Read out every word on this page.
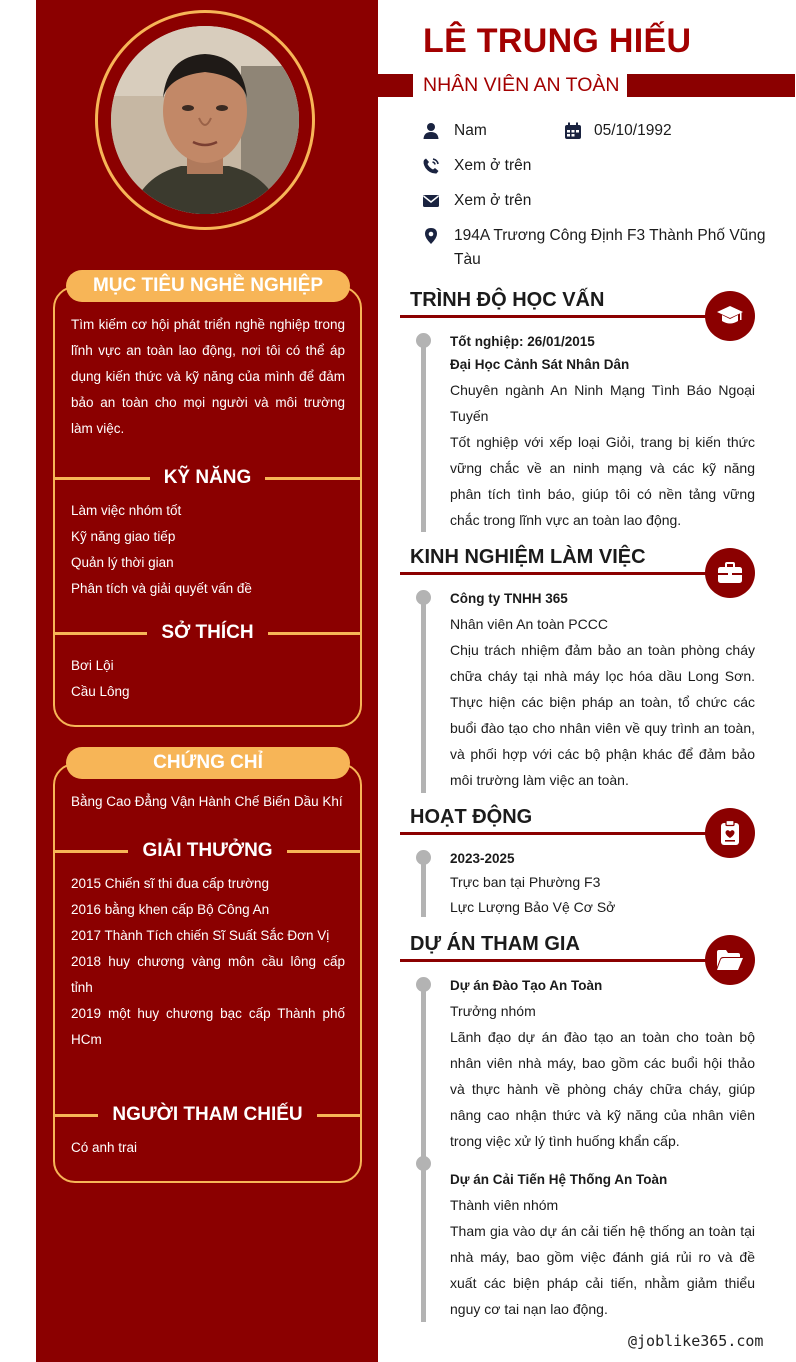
MỤC TIÊU NGHỀ NGHIỆP
Tìm kiếm cơ hội phát triển nghề nghiệp trong lĩnh vực an toàn lao động, nơi tôi có thể áp dụng kiến thức và kỹ năng của mình để đảm bảo an toàn cho mọi người và môi trường làm việc.
KỸ NĂNG
Làm việc nhóm tốt
Kỹ năng giao tiếp
Quản lý thời gian
Phân tích và giải quyết vấn đề
SỞ THÍCH
Bơi Lội
Cầu Lông
CHỨNG CHỈ
Bằng Cao Đẳng Vận Hành Chế Biến Dầu Khí
GIẢI THƯỞNG
2015 Chiến sĩ thi đua cấp trường
2016 bằng khen cấp Bộ Công An
2017 Thành Tích chiến Sĩ Suất Sắc Đơn Vị
2018 huy chương vàng môn cầu lông cấp tỉnh
2019 một huy chương bạc cấp Thành phố HCm
NGƯỜI THAM CHIẾU
Có anh trai
LÊ TRUNG HIẾU
NHÂN VIÊN AN TOÀN
Nam	05/10/1992
Xem ở trên
Xem ở trên
194A Trương Công Định F3 Thành Phố Vũng Tàu
TRÌNH ĐỘ HỌC VẤN
Tốt nghiệp: 26/01/2015
Đại Học Cảnh Sát Nhân Dân
Chuyên ngành An Ninh Mạng Tình Báo Ngoại Tuyến
Tốt nghiệp với xếp loại Giỏi, trang bị kiến thức vững chắc về an ninh mạng và các kỹ năng phân tích tình báo, giúp tôi có nền tảng vững chắc trong lĩnh vực an toàn lao động.
KINH NGHIỆM LÀM VIỆC
Công ty TNHH 365
Nhân viên An toàn PCCC
Chịu trách nhiệm đảm bảo an toàn phòng cháy chữa cháy tại nhà máy lọc hóa dầu Long Sơn. Thực hiện các biện pháp an toàn, tổ chức các buổi đào tạo cho nhân viên về quy trình an toàn, và phối hợp với các bộ phận khác để đảm bảo môi trường làm việc an toàn.
HOẠT ĐỘNG
2023-2025
Trực ban tại Phường F3
Lực Lượng Bảo Vệ Cơ Sở
DỰ ÁN THAM GIA
Dự án Đào Tạo An Toàn
Trưởng nhóm
Lãnh đạo dự án đào tạo an toàn cho toàn bộ nhân viên nhà máy, bao gồm các buổi hội thảo và thực hành về phòng cháy chữa cháy, giúp nâng cao nhận thức và kỹ năng của nhân viên trong việc xử lý tình huống khẩn cấp.
Dự án Cải Tiến Hệ Thống An Toàn
Thành viên nhóm
Tham gia vào dự án cải tiến hệ thống an toàn tại nhà máy, bao gồm việc đánh giá rủi ro và đề xuất các biện pháp cải tiến, nhằm giảm thiểu nguy cơ tai nạn lao động.
@joblike365.com
